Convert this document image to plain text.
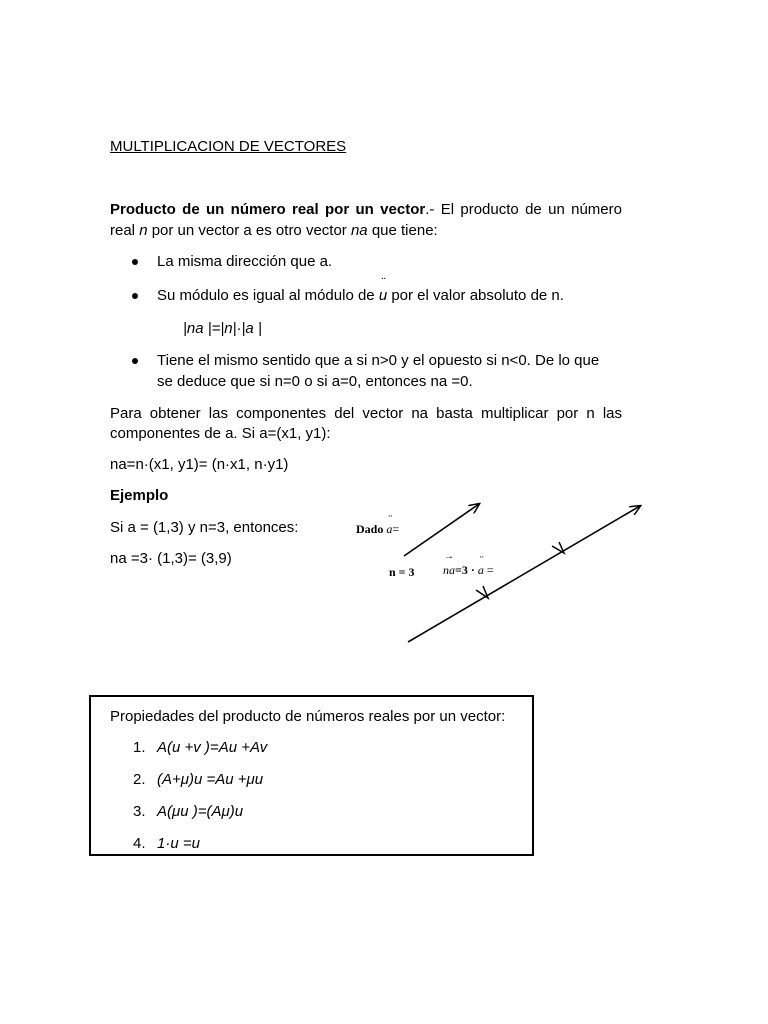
MULTIPLICACION DE VECTORES
Producto de un número real por un vector.- El producto de un número
real n por un vector a es otro vector na que tiene:
La misma dirección que a.
Su módulo es igual al módulo de ¨ u por el valor absoluto de n.
|na |=|n|·|a |
Tiene el mismo sentido que a si n>0 y el opuesto si n<0. De lo que
se deduce que si n=0 o si a=0, entonces na =0.
Para obtener las componentes del vector na basta multiplicar por n las
componentes de a. Si a=(x1, y1):
na=n·(x1, y1)= (n·x1, n·y1)
Ejemplo
Si a = (1,3) y n=3, entonces:
na =3· (1,3)= (3,9)
Dado ¨ a=
n = 3 → na=3 · ¨ a =
Propiedades del producto de números reales por un vector:
1. A(u +v )=Au +Av
2. (A+μ)u =Au +μu
3. A(μu )=(Aμ)u
4. 1·u =u
